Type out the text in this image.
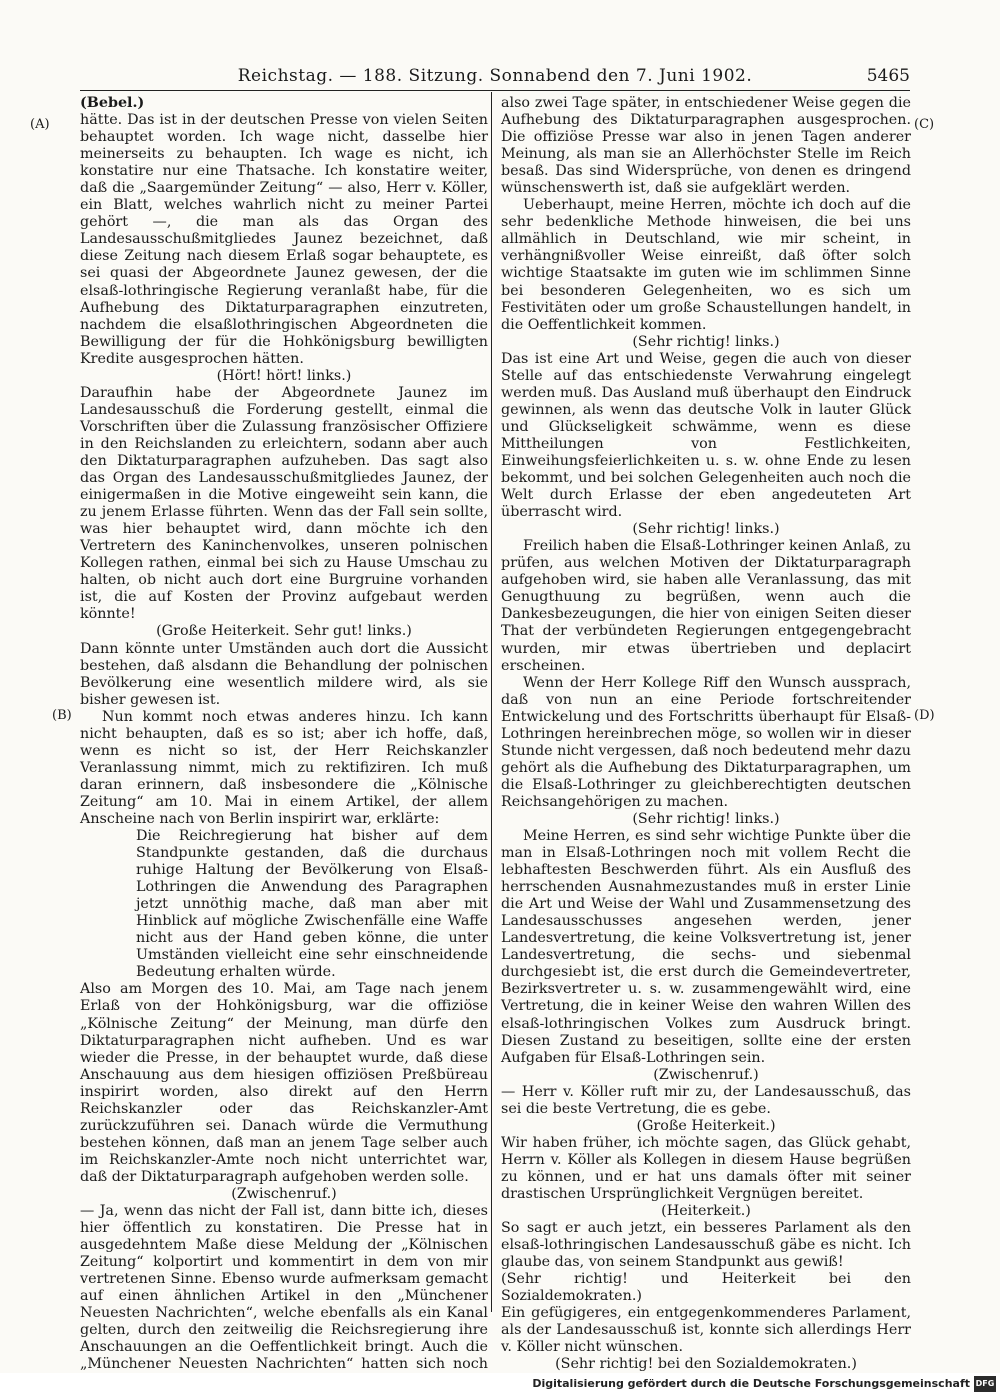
Reichstag. — 188. Sitzung. Sonnabend den 7. Juni 1902.	5465
(A)
(B)
(C)
(D)

(Bebel.)

hätte. Das ist in der deutschen Presse von vielen Seiten behauptet worden. Ich wage nicht, dasselbe hier meinerseits zu behaupten. Ich wage es nicht, ich konstatire nur eine Thatsache. Ich konstatire weiter, daß die „Saargemünder Zeitung“ — also, Herr v. Köller, ein Blatt, welches wahrlich nicht zu meiner Partei gehört —, die man als das Organ des Landesausschußmitgliedes Jaunez bezeichnet, daß diese Zeitung nach diesem Erlaß sogar behauptete, es sei quasi der Abgeordnete Jaunez gewesen, der die elsaß-lothringische Regierung veranlaßt habe, für die Aufhebung des Diktaturparagraphen einzutreten, nachdem die elsaßlothringischen Abgeordneten die Bewilligung der für die Hohkönigsburg bewilligten Kredite ausgesprochen hätten.

(Hört! hört! links.)

Daraufhin habe der Abgeordnete Jaunez im Landesausschuß die Forderung gestellt, einmal die Vorschriften über die Zulassung französischer Offiziere in den Reichslanden zu erleichtern, sodann aber auch den Diktaturparagraphen aufzuheben. Das sagt also das Organ des Landesausschußmitgliedes Jaunez, der einigermaßen in die Motive eingeweiht sein kann, die zu jenem Erlasse führten. Wenn das der Fall sein sollte, was hier behauptet wird, dann möchte ich den Vertretern des Kaninchenvolkes, unseren polnischen Kollegen rathen, einmal bei sich zu Hause Umschau zu halten, ob nicht auch dort eine Burgruine vorhanden ist, die auf Kosten der Provinz aufgebaut werden könnte!

(Große Heiterkeit. Sehr gut! links.)

Dann könnte unter Umständen auch dort die Aussicht bestehen, daß alsdann die Behandlung der polnischen Bevölkerung eine wesentlich mildere wird, als sie bisher gewesen ist.

Nun kommt noch etwas anderes hinzu. Ich kann nicht behaupten, daß es so ist; aber ich hoffe, daß, wenn es nicht so ist, der Herr Reichskanzler Veranlassung nimmt, mich zu rektifiziren. Ich muß daran erinnern, daß insbesondere die „Kölnische Zeitung“ am 10. Mai in einem Artikel, der allem Anscheine nach von Berlin inspirirt war, erklärte:

Die Reichregierung hat bisher auf dem Standpunkte gestanden, daß die durchaus ruhige Haltung der Bevölkerung von Elsaß-Lothringen die Anwendung des Paragraphen jetzt unnöthig mache, daß man aber mit Hinblick auf mögliche Zwischenfälle eine Waffe nicht aus der Hand geben könne, die unter Umständen vielleicht eine sehr einschneidende Bedeutung erhalten würde.

Also am Morgen des 10. Mai, am Tage nach jenem Erlaß von der Hohkönigsburg, war die offiziöse „Kölnische Zeitung“ der Meinung, man dürfe den Diktaturparagraphen nicht aufheben. Und es war wieder die Presse, in der behauptet wurde, daß diese Anschauung aus dem hiesigen offiziösen Preßbüreau inspirirt worden, also direkt auf den Herrn Reichskanzler oder das Reichskanzler-Amt zurückzuführen sei. Danach würde die Vermuthung bestehen können, daß man an jenem Tage selber auch im Reichskanzler-Amte noch nicht unterrichtet war, daß der Diktaturparagraph aufgehoben werden solle.

(Zwischenruf.)

— Ja, wenn das nicht der Fall ist, dann bitte ich, dieses hier öffentlich zu konstatiren. Die Presse hat in ausgedehntem Maße diese Meldung der „Kölnischen Zeitung“ kolportirt und kommentirt in dem von mir vertretenen Sinne. Ebenso wurde aufmerksam gemacht auf einen ähnlichen Artikel in den „Münchener Neuesten Nachrichten“, welche ebenfalls als ein Kanal gelten, durch den zeitweilig die Reichsregierung ihre Anschauungen an die Oeffentlichkeit bringt. Auch die „Münchener Neuesten Nachrichten“ hatten sich noch

also zwei Tage später, in entschiedener Weise gegen die Aufhebung des Diktaturparagraphen ausgesprochen. Die offiziöse Presse war also in jenen Tagen anderer Meinung, als man sie an Allerhöchster Stelle im Reich besaß. Das sind Widersprüche, von denen es dringend wünschenswerth ist, daß sie aufgeklärt werden.

Ueberhaupt, meine Herren, möchte ich doch auf die sehr bedenkliche Methode hinweisen, die bei uns allmählich in Deutschland, wie mir scheint, in verhängnißvoller Weise einreißt, daß öfter solch wichtige Staatsakte im guten wie im schlimmen Sinne bei besonderen Gelegenheiten, wo es sich um Festivitäten oder um große Schaustellungen handelt, in die Oeffentlichkeit kommen.

(Sehr richtig! links.)

Das ist eine Art und Weise, gegen die auch von dieser Stelle auf das entschiedenste Verwahrung eingelegt werden muß. Das Ausland muß überhaupt den Eindruck gewinnen, als wenn das deutsche Volk in lauter Glück und Glückseligkeit schwämme, wenn es diese Mittheilungen von Festlichkeiten, Einweihungsfeierlichkeiten u. s. w. ohne Ende zu lesen bekommt, und bei solchen Gelegenheiten auch noch die Welt durch Erlasse der eben angedeuteten Art überrascht wird.

(Sehr richtig! links.)

Freilich haben die Elsaß-Lothringer keinen Anlaß, zu prüfen, aus welchen Motiven der Diktaturparagraph aufgehoben wird, sie haben alle Veranlassung, das mit Genugthuung zu begrüßen, wenn auch die Dankesbezeugungen, die hier von einigen Seiten dieser That der verbündeten Regierungen entgegengebracht wurden, mir etwas übertrieben und deplacirt erscheinen.

Wenn der Herr Kollege Riff den Wunsch aussprach, daß von nun an eine Periode fortschreitender Entwickelung und des Fortschritts überhaupt für Elsaß-Lothringen hereinbrechen möge, so wollen wir in dieser Stunde nicht vergessen, daß noch bedeutend mehr dazu gehört als die Aufhebung des Diktaturparagraphen, um die Elsaß-Lothringer zu gleichberechtigten deutschen Reichsangehörigen zu machen.

(Sehr richtig! links.)

Meine Herren, es sind sehr wichtige Punkte über die man in Elsaß-Lothringen noch mit vollem Recht die lebhaftesten Beschwerden führt. Als ein Ausfluß des herrschenden Ausnahmezustandes muß in erster Linie die Art und Weise der Wahl und Zusammensetzung des Landesausschusses angesehen werden, jener Landesvertretung, die keine Volksvertretung ist, jener Landesvertretung, die sechs- und siebenmal durchgesiebt ist, die erst durch die Gemeindevertreter, Bezirksvertreter u. s. w. zusammengewählt wird, eine Vertretung, die in keiner Weise den wahren Willen des elsaß-lothringischen Volkes zum Ausdruck bringt. Diesen Zustand zu beseitigen, sollte eine der ersten Aufgaben für Elsaß-Lothringen sein.

(Zwischenruf.)

— Herr v. Köller ruft mir zu, der Landesausschuß, das sei die beste Vertretung, die es gebe.

(Große Heiterkeit.)

Wir haben früher, ich möchte sagen, das Glück gehabt, Herrn v. Köller als Kollegen in diesem Hause begrüßen zu können, und er hat uns damals öfter mit seiner drastischen Ursprünglichkeit Vergnügen bereitet.

(Heiterkeit.)

So sagt er auch jetzt, ein besseres Parlament als den elsaß-lothringischen Landesausschuß gäbe es nicht. Ich glaube das, von seinem Standpunkt aus gewiß!

(Sehr richtig! und Heiterkeit bei den Sozialdemokraten.)

Ein gefügigeres, ein entgegenkommenderes Parlament, als der Landesausschuß ist, konnte sich allerdings Herr v. Köller nicht wünschen.

(Sehr richtig! bei den Sozialdemokraten.)

Digitalisierung gefördert durch die Deutsche Forschungsgemeinschaft DFG
